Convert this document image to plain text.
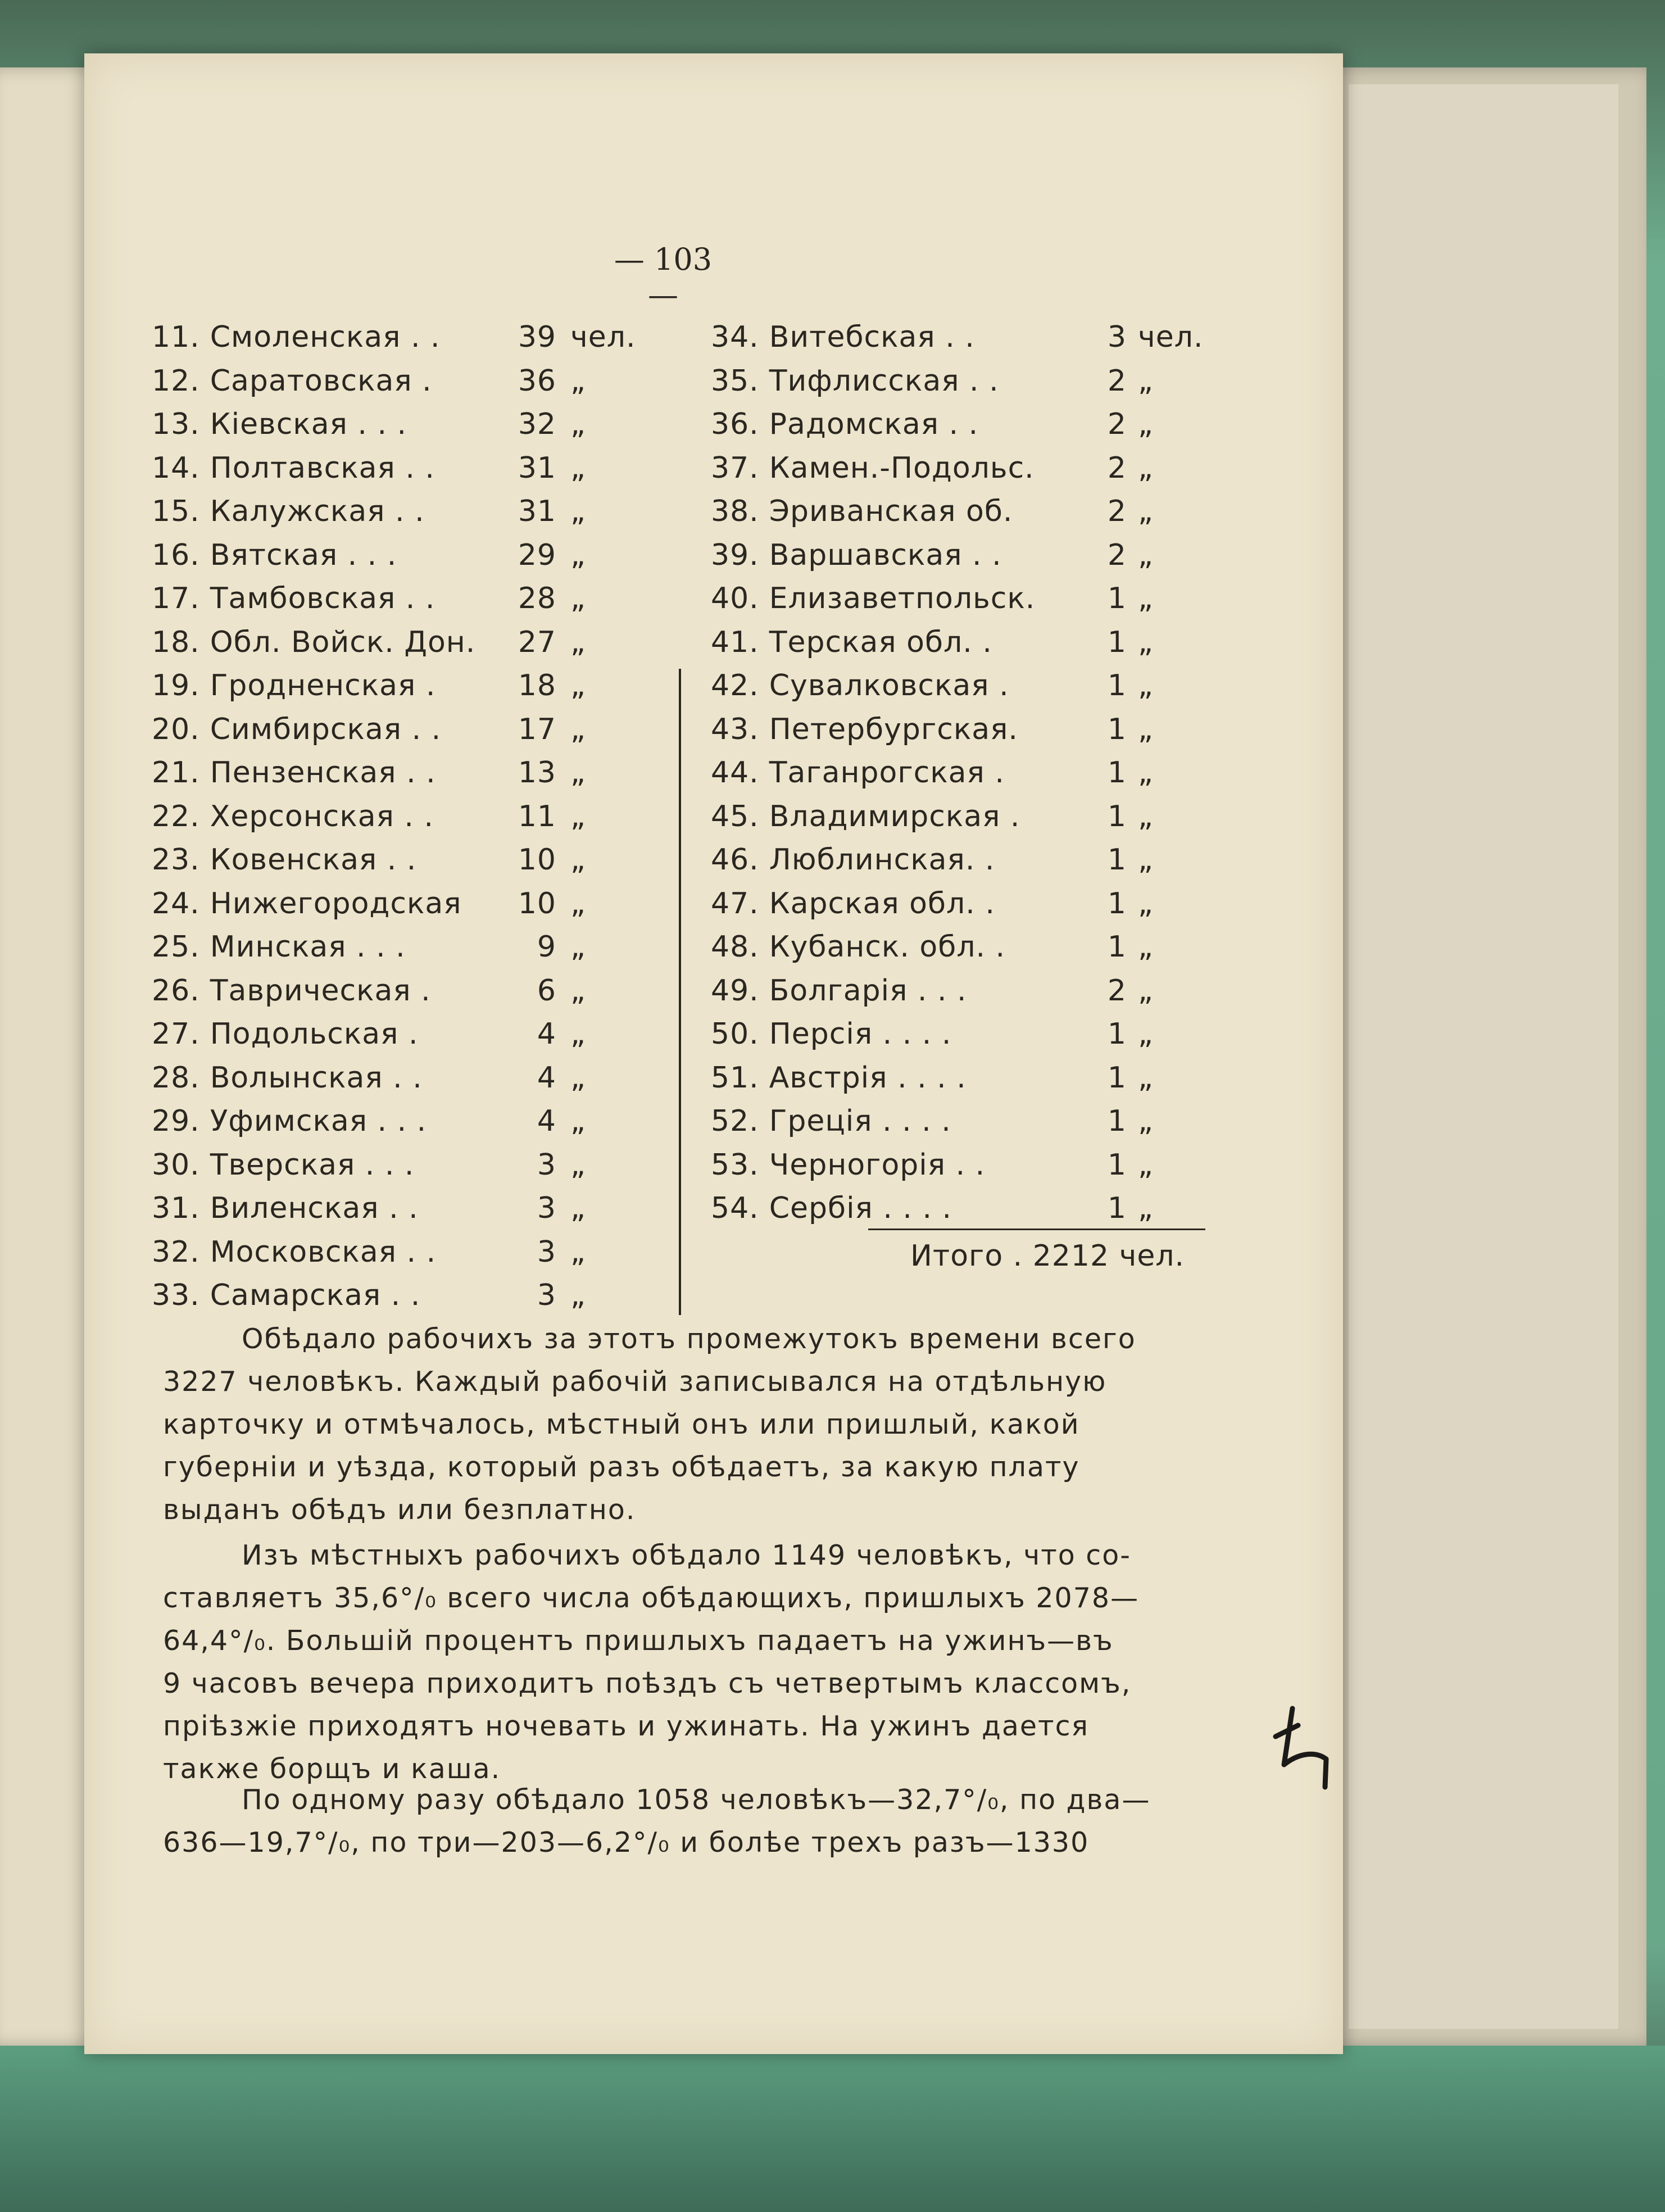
— 103 —
11. Смоленская . .	39 чел.
12. Саратовская .	36 „
13. Кіевская . . .	32 „
14. Полтавская . .	31 „
15. Калужская . .	31 „
16. Вятская . . .	29 „
17. Тамбовская . .	28 „
18. Обл. Войск. Дон.	27 „
19. Гродненская .	18 „
20. Симбирская . .	17 „
21. Пензенская . .	13 „
22. Херсонская . .	11 „
23. Ковенская . .	10 „
24. Нижегородская	10 „
25. Минская . . .	9 „
26. Таврическая .	6 „
27. Подольская .	4 „
28. Волынская . .	4 „
29. Уфимская . . .	4 „
30. Тверская . . .	3 „
31. Виленская . .	3 „
32. Московская . .	3 „
33. Самарская . .	3 „
34. Витебская . .	3 чел.
35. Тифлисская . .	2 „
36. Радомская . .	2 „
37. Камен.-Подольс.	2 „
38. Эриванская об.	2 „
39. Варшавская . .	2 „
40. Елизаветпольск.	1 „
41. Терская обл. .	1 „
42. Сувалковская .	1 „
43. Петербургская.	1 „
44. Таганрогская .	1 „
45. Владимирская .	1 „
46. Люблинская. .	1 „
47. Карская обл. .	1 „
48. Кубанск. обл. .	1 „
49. Болгарія . . .	2 „
50. Персія . . . .	1 „
51. Австрія . . . .	1 „
52. Греція . . . .	1 „
53. Черногорія . .	1 „
54. Сербія . . . .	1 „
Итого . 2212 чел.
Обѣдало рабочихъ за этотъ промежутокъ времени всего
3227 человѣкъ. Каждый рабочій записывался на отдѣльную
карточку и отмѣчалось, мѣстный онъ или пришлый, какой
губерніи и уѣзда, который разъ обѣдаетъ, за какую плату
выданъ обѣдъ или безплатно.
Изъ мѣстныхъ рабочихъ обѣдало 1149 человѣкъ, что со-
ставляетъ 35,6°/₀ всего числа обѣдающихъ, пришлыхъ 2078—
64,4°/₀. Большій процентъ пришлыхъ падаетъ на ужинъ—въ
9 часовъ вечера приходитъ поѣздъ съ четвертымъ классомъ,
пріѣзжіе приходятъ ночевать и ужинать. На ужинъ дается
также борщъ и каша.
По одному разу обѣдало 1058 человѣкъ—32,7°/₀, по два—
636—19,7°/₀, по три—203—6,2°/₀ и болѣе трехъ разъ—1330
